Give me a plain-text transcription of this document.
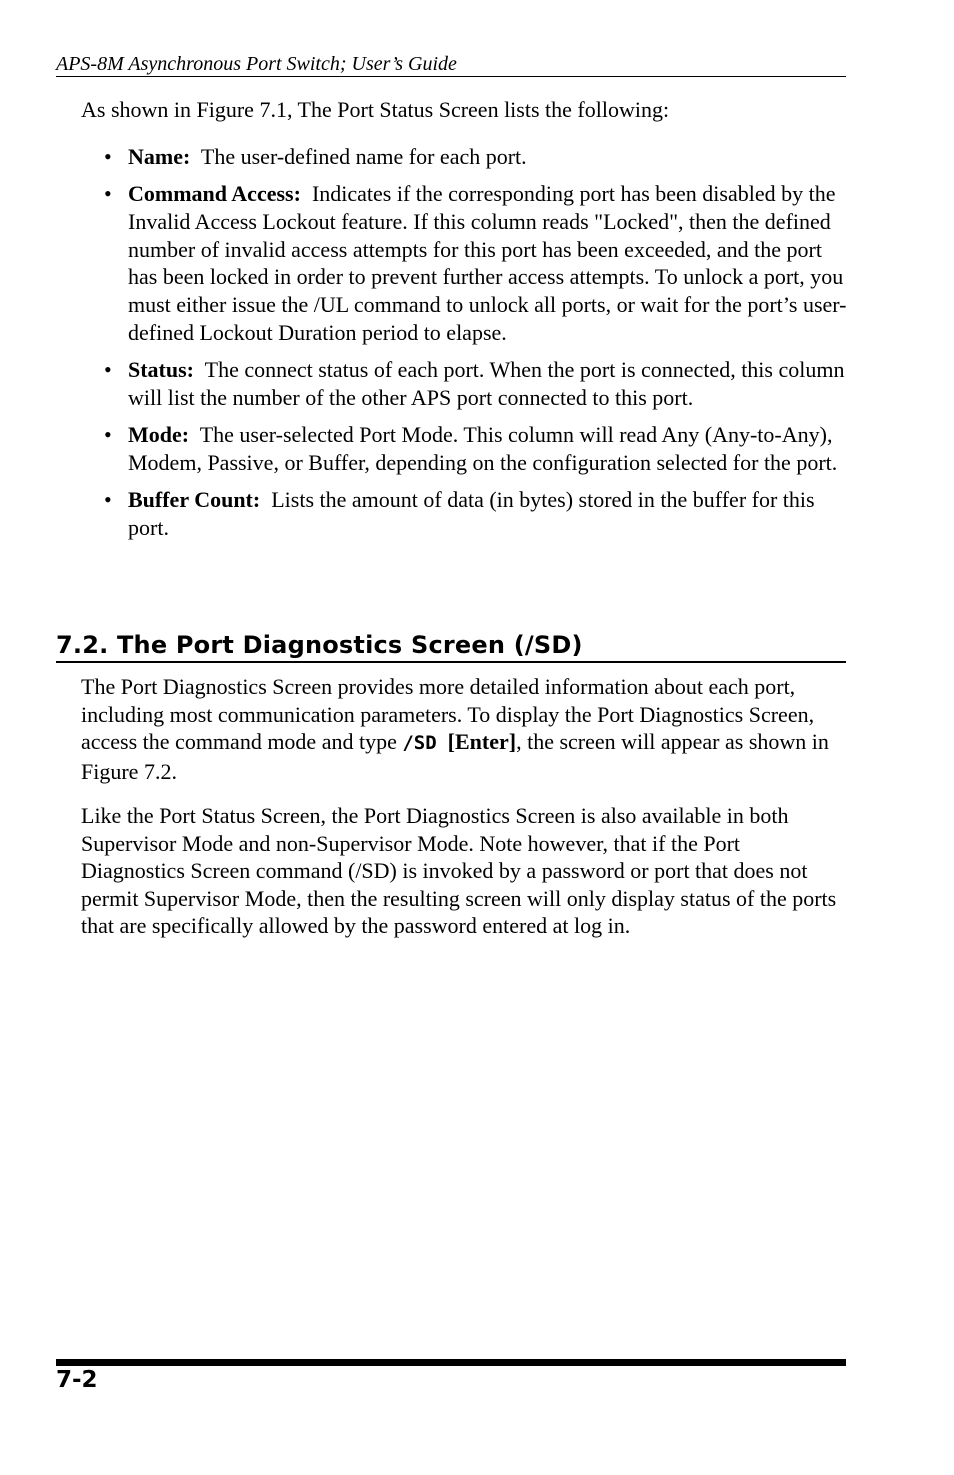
APS-8M Asynchronous Port Switch; User’s Guide

As shown in Figure 7.1, The Port Status Screen lists the following:

• Name: The user-defined name for each port.
• Command Access: Indicates if the corresponding port has been disabled by the Invalid Access Lockout feature. If this column reads "Locked", then the defined number of invalid access attempts for this port has been exceeded, and the port has been locked in order to prevent further access attempts. To unlock a port, you must either issue the /UL command to unlock all ports, or wait for the port’s user-defined Lockout Duration period to elapse.
• Status: The connect status of each port. When the port is connected, this column will list the number of the other APS port connected to this port.
• Mode: The user-selected Port Mode. This column will read Any (Any-to-Any), Modem, Passive, or Buffer, depending on the configuration selected for the port.
• Buffer Count: Lists the amount of data (in bytes) stored in the buffer for this port.
7.2. The Port Diagnostics Screen (/SD)

The Port Diagnostics Screen provides more detailed information about each port, including most communication parameters. To display the Port Diagnostics Screen, access the command mode and type /SD [Enter], the screen will appear as shown in Figure 7.2.

Like the Port Status Screen, the Port Diagnostics Screen is also available in both Supervisor Mode and non-Supervisor Mode. Note however, that if the Port Diagnostics Screen command (/SD) is invoked by a password or port that does not permit Supervisor Mode, then the resulting screen will only display status of the ports that are specifically allowed by the password entered at log in.

7-2
